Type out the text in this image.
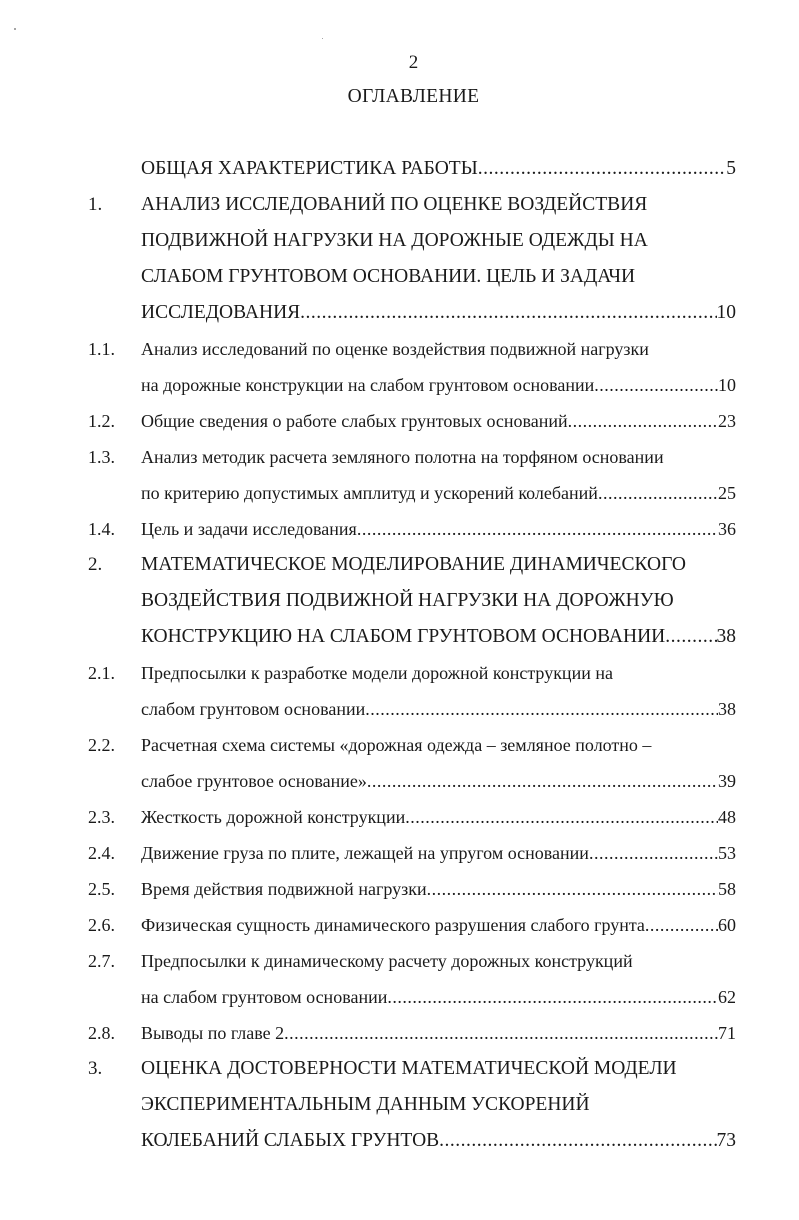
2
ОГЛАВЛЕНИЕ
ОБЩАЯ ХАРАКТЕРИСТИКА РАБОТЫ .....	5
1. АНАЛИЗ ИССЛЕДОВАНИЙ ПО ОЦЕНКЕ ВОЗДЕЙСТВИЯ
ПОДВИЖНОЙ НАГРУЗКИ НА ДОРОЖНЫЕ ОДЕЖДЫ НА
СЛАБОМ ГРУНТОВОМ ОСНОВАНИИ. ЦЕЛЬ И ЗАДАЧИ
ИССЛЕДОВАНИЯ .....	10
1.1. Анализ исследований по оценке воздействия подвижной нагрузки
на дорожные конструкции на слабом грунтовом основании .....	10
1.2. Общие сведения о работе слабых грунтовых оснований .....	23
1.3. Анализ методик расчета земляного полотна на торфяном основании
по критерию допустимых амплитуд и ускорений колебаний .....	25
1.4. Цель и задачи исследования .....	36
2. МАТЕМАТИЧЕСКОЕ МОДЕЛИРОВАНИЕ ДИНАМИЧЕСКОГО
ВОЗДЕЙСТВИЯ ПОДВИЖНОЙ НАГРУЗКИ НА ДОРОЖНУЮ
КОНСТРУКЦИЮ НА СЛАБОМ ГРУНТОВОМ ОСНОВАНИИ .....	38
2.1. Предпосылки к разработке модели дорожной конструкции на
слабом грунтовом основании .....	38
2.2. Расчетная схема системы «дорожная одежда – земляное полотно –
слабое грунтовое основание» .....	39
2.3. Жесткость дорожной конструкции .....	48
2.4. Движение груза по плите, лежащей на упругом основании .....	53
2.5. Время действия подвижной нагрузки .....	58
2.6. Физическая сущность динамического разрушения слабого грунта .....	60
2.7. Предпосылки к динамическому расчету дорожных конструкций
на слабом грунтовом основании .....	62
2.8. Выводы по главе 2 .....	71
3. ОЦЕНКА ДОСТОВЕРНОСТИ МАТЕМАТИЧЕСКОЙ МОДЕЛИ
ЭКСПЕРИМЕНТАЛЬНЫМ ДАННЫМ УСКОРЕНИЙ
КОЛЕБАНИЙ СЛАБЫХ ГРУНТОВ .....	73
